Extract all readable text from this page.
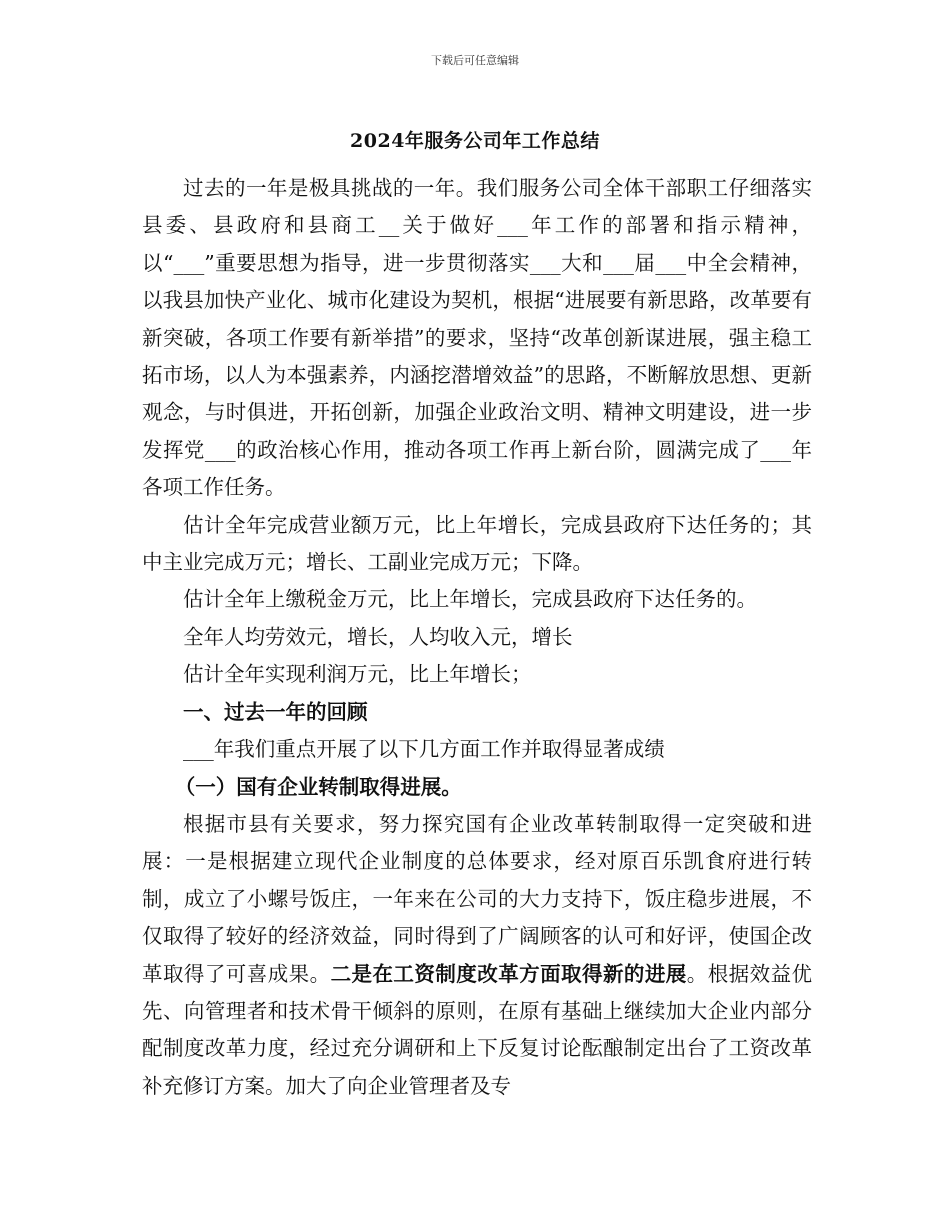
下载后可任意编辑
2024年服务公司年工作总结

过去的一年是极具挑战的一年。我们服务公司全体干部职工仔细落实县委、县政府和县商工__关于做好___年工作的部署和指示精神，以“___”重要思想为指导，进一步贯彻落实___大和___届___中全会精神，以我县加快产业化、城市化建设为契机，根据“进展要有新思路，改革要有新突破，各项工作要有新举措”的要求，坚持“改革创新谋进展，强主稳工拓市场，以人为本强素养，内涵挖潜增效益”的思路，不断解放思想、更新观念，与时俱进，开拓创新，加强企业政治文明、精神文明建设，进一步发挥党___的政治核心作用，推动各项工作再上新台阶，圆满完成了___年各项工作任务。

估计全年完成营业额万元，比上年增长，完成县政府下达任务的；其中主业完成万元；增长、工副业完成万元；下降。

估计全年上缴税金万元，比上年增长，完成县政府下达任务的。

全年人均劳效元，增长，人均收入元，增长

估计全年实现利润万元，比上年增长；

一、过去一年的回顾

___年我们重点开展了以下几方面工作并取得显著成绩

（一）国有企业转制取得进展。

根据市县有关要求，努力探究国有企业改革转制取得一定突破和进展：一是根据建立现代企业制度的总体要求，经对原百乐凯食府进行转制，成立了小螺号饭庄，一年来在公司的大力支持下，饭庄稳步进展，不仅取得了较好的经济效益，同时得到了广阔顾客的认可和好评，使国企改革取得了可喜成果。二是在工资制度改革方面取得新的进展。根据效益优先、向管理者和技术骨干倾斜的原则，在原有基础上继续加大企业内部分配制度改革力度，经过充分调研和上下反复讨论酝酿制定出台了工资改革补充修订方案。加大了向企业管理者及专
